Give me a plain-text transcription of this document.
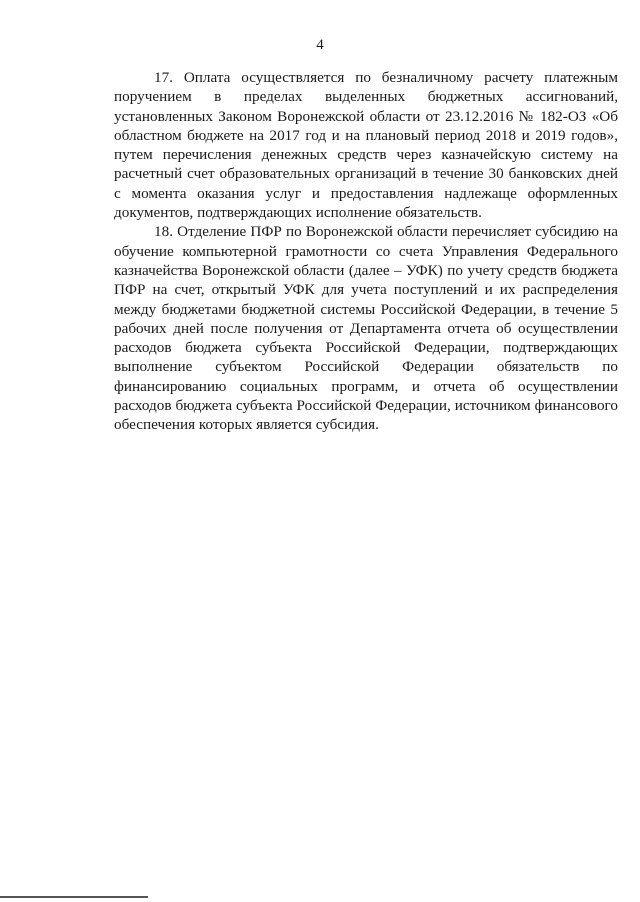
4

17. Оплата осуществляется по безналичному расчету платежным поручением в пределах выделенных бюджетных ассигнований, установленных Законом Воронежской области от 23.12.2016 № 182-ОЗ «Об областном бюджете на 2017 год и на плановый период 2018 и 2019 годов», путем перечисления денежных средств через казначейскую систему на расчетный счет образовательных организаций в течение 30 банковских дней с момента оказания услуг и предоставления надлежаще оформленных документов, подтверждающих исполнение обязательств.

18. Отделение ПФР по Воронежской области перечисляет субсидию на обучение компьютерной грамотности со счета Управления Федерального казначейства Воронежской области (далее – УФК) по учету средств бюджета ПФР на счет, открытый УФК для учета поступлений и их распределения между бюджетами бюджетной системы Российской Федерации, в течение 5 рабочих дней после получения от Департамента отчета об осуществлении расходов бюджета субъекта Российской Федерации, подтверждающих выполнение субъектом Российской Федерации обязательств по финансированию социальных программ, и отчета об осуществлении расходов бюджета субъекта Российской Федерации, источником финансового обеспечения которых является субсидия.
